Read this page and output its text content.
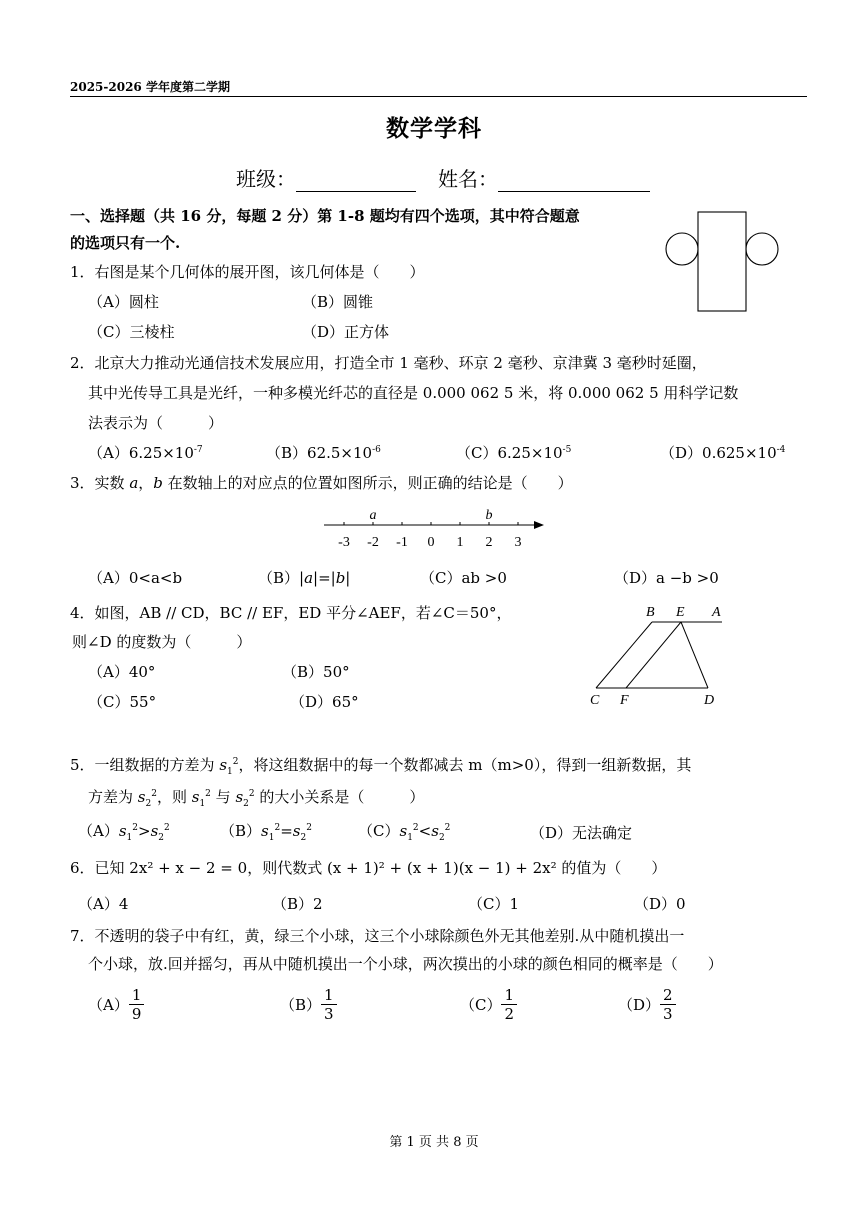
2025-2026 学年度第二学期
数学学科
班级：	姓名：
一、选择题（共 16 分，每题 2 分）第 1-8 题均有四个选项，其中符合题意
的选项只有一个.
1．右图是某个几何体的展开图，该几何体是（　　）
（A）圆柱	（B）圆锥
（C）三棱柱	（D）正方体
2．北京大力推动光通信技术发展应用，打造全市 1 毫秒、环京 2 毫秒、京津冀 3 毫秒时延圈，
其中光传导工具是光纤，一种多模光纤芯的直径是 0.000 062 5 米，将 0.000 062 5 用科学记数
法表示为（　　　）
$(A)6.25\times 10^{-7}$	$(B)62.5\times 10^{-6}$	$(C)6.25\times 10^{-5}$	$(D)0.625\times 10^{-4}$
3．实数 a，b 在数轴上的对应点的位置如图所示，则正确的结论是（　　）
-3 -2 -1 0 1 2 3
a	b
（A）0<a<b	（B）|a|=|b|	（C）ab >0	（D）a −b >0
4．如图，AB // CD，BC // EF，ED 平分∠AEF，若∠C＝50°，
则∠D 的度数为（　　　）
（A）40°	（B）50°
（C）55°	（D）65°
B E A
C F	D
5．一组数据的方差为 $s_1^2$，将这组数据中的每一个数都减去 m（m>0），得到一组新数据，其
方差为 $s_2^2$，则 $s_1^2$ 与 $s_2^2$ 的大小关系是（　　　）
$(A)s_1^2>s_2^2$	$(B)s_1^2=s_2^2$	$(C)s_1^2<s_2^2$	（D）无法确定
6．已知 2x² + x − 2 = 0，则代数式 (x + 1)² + (x + 1)(x − 1) + 2x² 的值为（　　）
（A）4	（B）2	（C）1	（D）0
7．不透明的袋子中有红，黄，绿三个小球，这三个小球除颜色外无其他差别.从中随机摸出一
个小球，放.回并摇匀，再从中随机摸出一个小球，两次摸出的小球的颜色相同的概率是（　　）
$(A) \frac{1}{9}$	$(B) \frac{1}{3}$	$(C) \frac{1}{2}$	$(D) \frac{2}{3}$
第 1 页 共 8 页
